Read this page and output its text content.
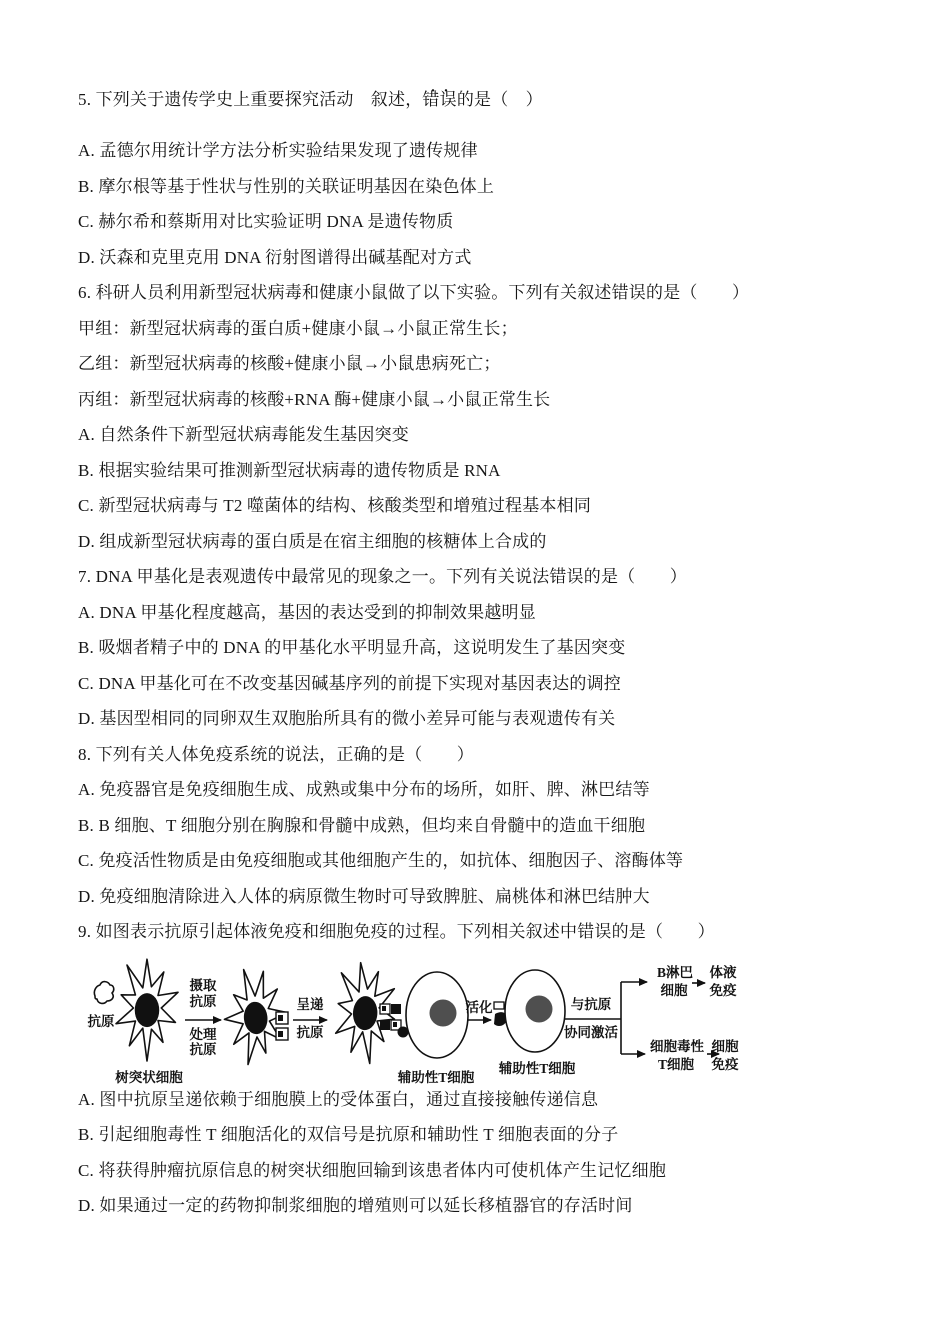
5. 下列关于遗传学史上重要探究活动　叙述，错误 · ·的是（　）
A. 孟德尔用统计学方法分析实验结果发现了遗传规律
B. 摩尔根等基于性状与性别的关联证明基因在染色体上
C. 赫尔希和蔡斯用对比实验证明 DNA 是遗传物质
D. 沃森和克里克用 DNA 衍射图谱得出碱基配对方式
6. 科研人员利用新型冠状病毒和健康小鼠做了以下实验。下列有关叙述错误的是（　　）
甲组：新型冠状病毒的蛋白质+健康小鼠→小鼠正常生长；
乙组：新型冠状病毒的核酸+健康小鼠→小鼠患病死亡；
丙组：新型冠状病毒的核酸+RNA 酶+健康小鼠→小鼠正常生长
A. 自然条件下新型冠状病毒能发生基因突变
B. 根据实验结果可推测新型冠状病毒的遗传物质是 RNA
C. 新型冠状病毒与 T2 噬菌体的结构、核酸类型和增殖过程基本相同
D. 组成新型冠状病毒的蛋白质是在宿主细胞的核糖体上合成的
7. DNA 甲基化是表观遗传中最常见的现象之一。下列有关说法错误的是（　　）
A. DNA 甲基化程度越高，基因的表达受到的抑制效果越明显
B. 吸烟者精子中的 DNA 的甲基化水平明显升高，这说明发生了基因突变
C. DNA 甲基化可在不改变基因碱基序列的前提下实现对基因表达的调控
D. 基因型相同的同卵双生双胞胎所具有的微小差异可能与表观遗传有关
8. 下列有关人体免疫系统的说法，正确的是（　　）
A. 免疫器官是免疫细胞生成、成熟或集中分布的场所，如肝、脾、淋巴结等
B. B 细胞、T 细胞分别在胸腺和骨髓中成熟，但均来自骨髓中的造血干细胞
C. 免疫活性物质是由免疫细胞或其他细胞产生的，如抗体、细胞因子、溶酶体等
D. 免疫细胞清除进入人体的病原微生物时可导致脾脏、扁桃体和淋巴结肿大
9. 如图表示抗原引起体液免疫和细胞免疫的过程。下列相关叙述中错误的是（　　）
抗原
树突状细胞
摄取
抗原
处理
抗原
呈递
抗原
辅助性T细胞
活化
辅助性T细胞
与抗原
协同激活
B淋巴
细胞
体液
免疫
细胞毒性
T细胞
细胞
免疫
A. 图中抗原呈递依赖于细胞膜上的受体蛋白，通过直接接触传递信息
B. 引起细胞毒性 T 细胞活化的双信号是抗原和辅助性 T 细胞表面的分子
C. 将获得肿瘤抗原信息的树突状细胞回输到该患者体内可使机体产生记忆细胞
D. 如果通过一定的药物抑制浆细胞的增殖则可以延长移植器官的存活时间
